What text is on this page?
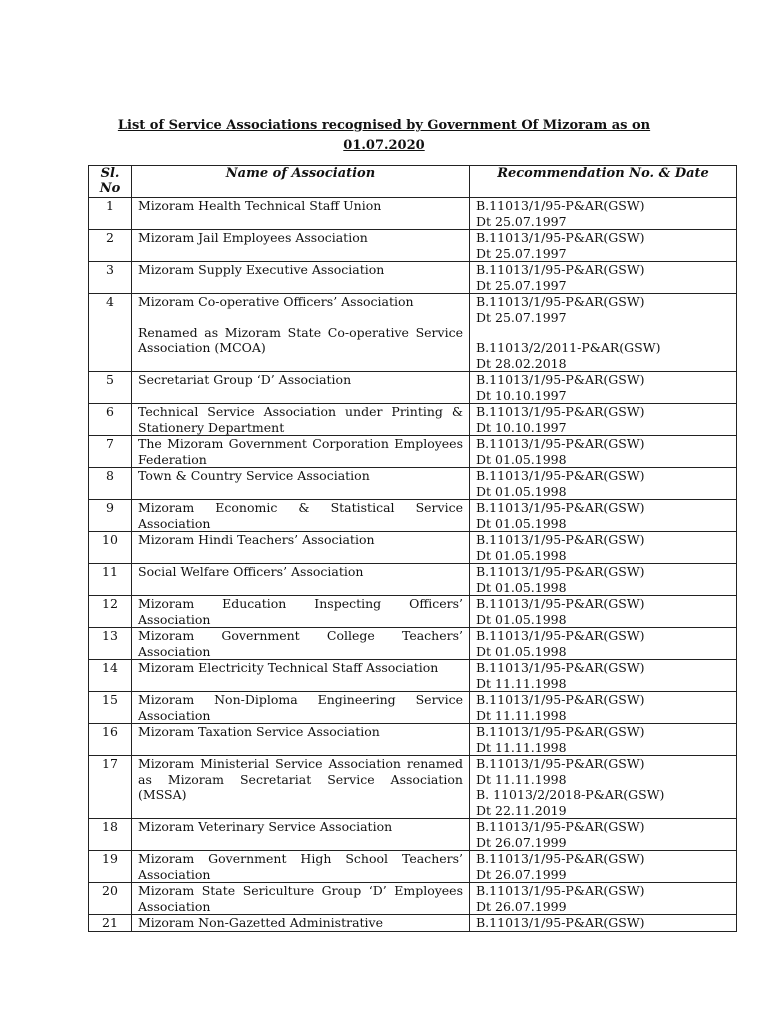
List of Service Associations recognised by Government Of Mizoram as on
01.07.2020
Sl.
No	Name of Association	Recommendation No. & Date
1	Mizoram Health Technical Staff Union	B.11013/1/95-P&AR(GSW)
Dt 25.07.1997

2	Mizoram Jail Employees Association	B.11013/1/95-P&AR(GSW)
Dt 25.07.1997

3	Mizoram Supply Executive Association	B.11013/1/95-P&AR(GSW)
Dt 25.07.1997

4	Mizoram Co-operative Officers’ Association
Renamed as Mizoram State Co-operative Service Association (MCOA)	B.11013/1/95-P&AR(GSW)
Dt 25.07.1997
B.11013/2/2011-P&AR(GSW)
Dt 28.02.2018

5	Secretariat Group ‘D’ Association	B.11013/1/95-P&AR(GSW)
Dt 10.10.1997

6	Technical Service Association under Printing & Stationery Department	B.11013/1/95-P&AR(GSW)
Dt 10.10.1997

7	The Mizoram Government Corporation Employees Federation	B.11013/1/95-P&AR(GSW)
Dt 01.05.1998

8	Town & Country Service Association	B.11013/1/95-P&AR(GSW)
Dt 01.05.1998

9	Mizoram Economic & Statistical Service Association	B.11013/1/95-P&AR(GSW)
Dt 01.05.1998

10	Mizoram Hindi Teachers’ Association	B.11013/1/95-P&AR(GSW)
Dt 01.05.1998

11	Social Welfare Officers’ Association	B.11013/1/95-P&AR(GSW)
Dt 01.05.1998

12	Mizoram Education Inspecting Officers’ Association	B.11013/1/95-P&AR(GSW)
Dt 01.05.1998

13	Mizoram Government College Teachers’ Association	B.11013/1/95-P&AR(GSW)
Dt 01.05.1998

14	Mizoram Electricity Technical Staff Association	B.11013/1/95-P&AR(GSW)
Dt 11.11.1998

15	Mizoram Non-Diploma Engineering Service Association	B.11013/1/95-P&AR(GSW)
Dt 11.11.1998

16	Mizoram Taxation Service Association	B.11013/1/95-P&AR(GSW)
Dt 11.11.1998

17	Mizoram Ministerial Service Association renamed as Mizoram Secretariat Service Association (MSSA)	B.11013/1/95-P&AR(GSW)
Dt 11.11.1998
B. 11013/2/2018-P&AR(GSW)
Dt 22.11.2019

18	Mizoram Veterinary Service Association	B.11013/1/95-P&AR(GSW)
Dt 26.07.1999

19	Mizoram Government High School Teachers’ Association	B.11013/1/95-P&AR(GSW)
Dt 26.07.1999

20	Mizoram State Sericulture Group ‘D’ Employees Association	B.11013/1/95-P&AR(GSW)
Dt 26.07.1999

21	Mizoram Non-Gazetted Administrative	B.11013/1/95-P&AR(GSW)
